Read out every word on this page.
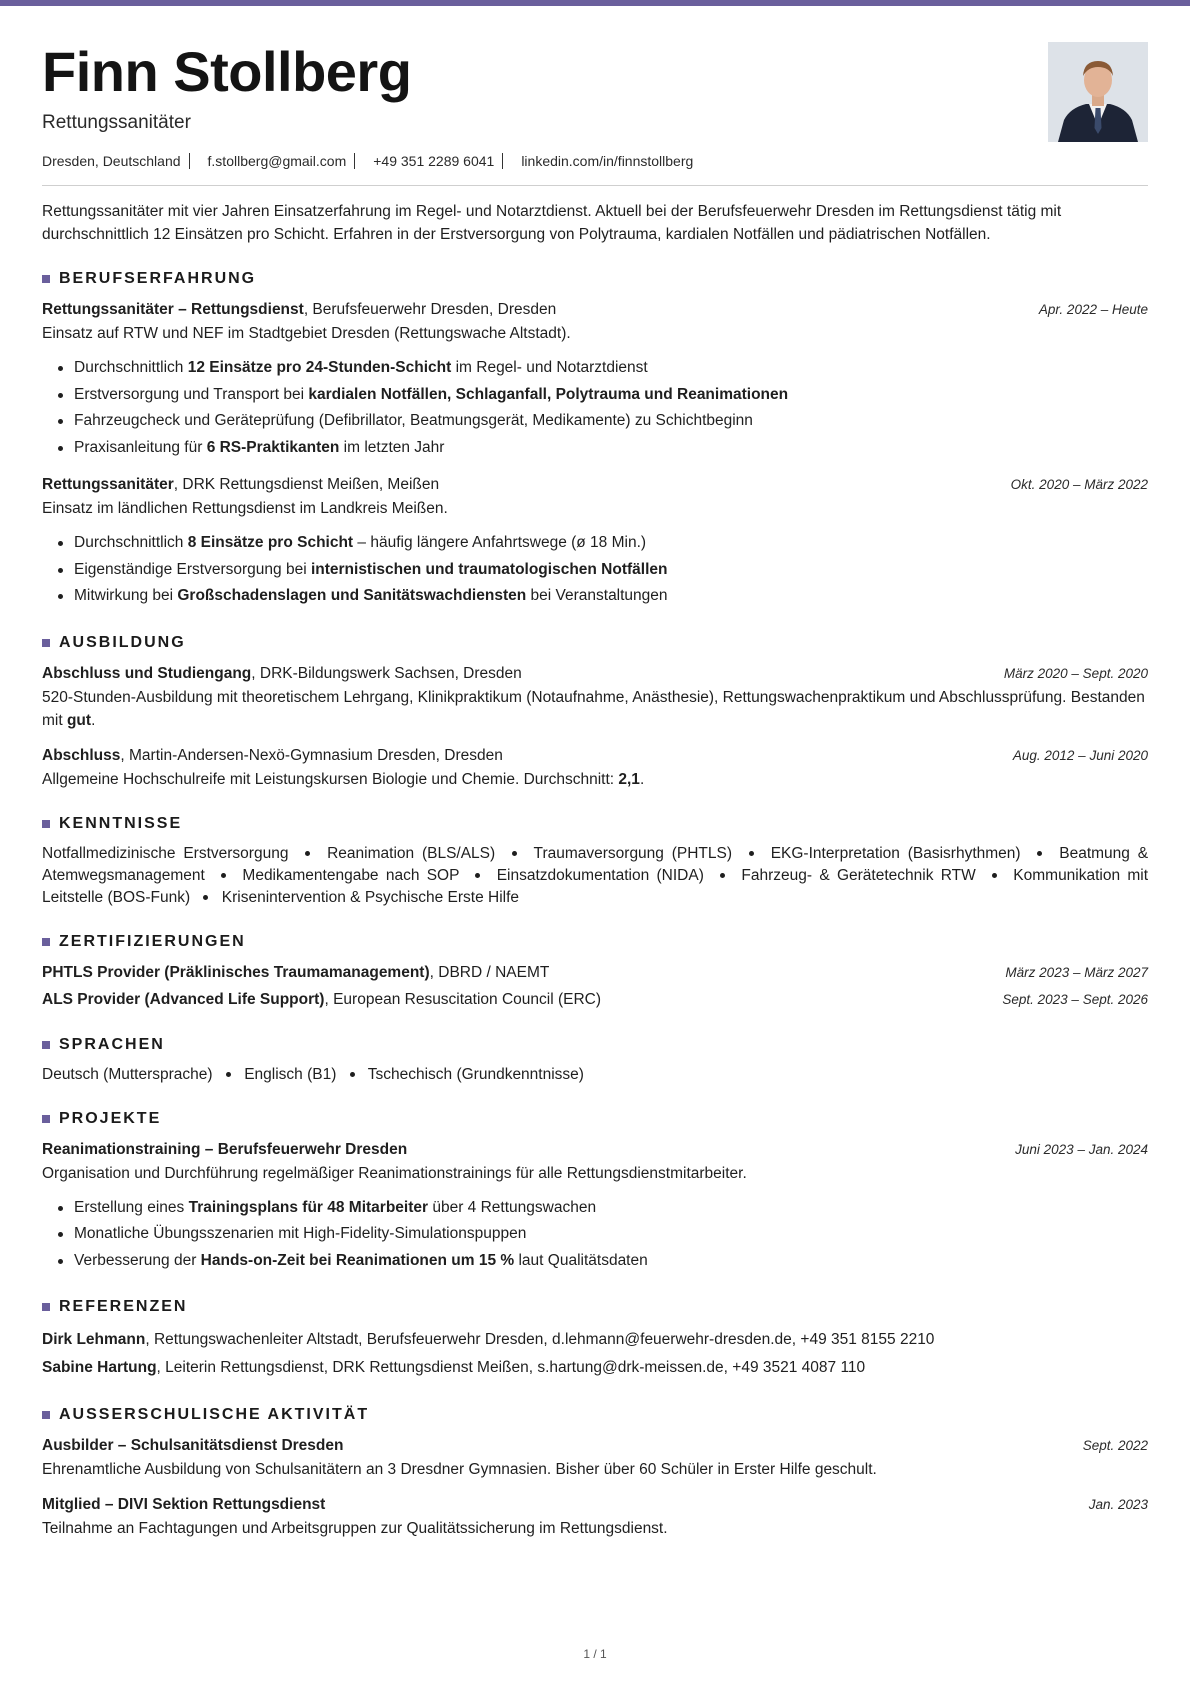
Finn Stollberg
Rettungssanitäter
Dresden, Deutschland f.stollberg@gmail.com +49 351 2289 6041 linkedin.com/in/finnstollberg

Rettungssanitäter mit vier Jahren Einsatzerfahrung im Regel- und Notarztdienst. Aktuell bei der Berufsfeuerwehr Dresden im Rettungsdienst tätig mit durchschnittlich 12 Einsätzen pro Schicht. Erfahren in der Erstversorgung von Polytrauma, kardialen Notfällen und pädiatrischen Notfällen.

BERUFSERFAHRUNG
Rettungssanitäter – Rettungsdienst, Berufsfeuerwehr Dresden, Dresden	Apr. 2022 – Heute
Einsatz auf RTW und NEF im Stadtgebiet Dresden (Rettungswache Altstadt).
Durchschnittlich 12 Einsätze pro 24-Stunden-Schicht im Regel- und Notarztdienst
Erstversorgung und Transport bei kardialen Notfällen, Schlaganfall, Polytrauma und Reanimationen
Fahrzeugcheck und Geräteprüfung (Defibrillator, Beatmungsgerät, Medikamente) zu Schichtbeginn
Praxisanleitung für 6 RS-Praktikanten im letzten Jahr
Rettungssanitäter, DRK Rettungsdienst Meißen, Meißen	Okt. 2020 – März 2022
Einsatz im ländlichen Rettungsdienst im Landkreis Meißen.
Durchschnittlich 8 Einsätze pro Schicht – häufig längere Anfahrtswege (ø 18 Min.)
Eigenständige Erstversorgung bei internistischen und traumatologischen Notfällen
Mitwirkung bei Großschadenslagen und Sanitätswachdiensten bei Veranstaltungen
AUSBILDUNG
Abschluss und Studiengang, DRK-Bildungswerk Sachsen, Dresden	März 2020 – Sept. 2020
520-Stunden-Ausbildung mit theoretischem Lehrgang, Klinikpraktikum (Notaufnahme, Anästhesie), Rettungswachenpraktikum und Abschlussprüfung. Bestanden mit gut.
Abschluss, Martin-Andersen-Nexö-Gymnasium Dresden, Dresden	Aug. 2012 – Juni 2020
Allgemeine Hochschulreife mit Leistungskursen Biologie und Chemie. Durchschnitt: 2,1.
KENNTNISSE
Notfallmedizinische Erstversorgung Reanimation (BLS/ALS) Traumaversorgung (PHTLS) EKG-Interpretation (Basisrhythmen) Beatmung & Atemwegsmanagement Medikamentengabe nach SOP Einsatzdokumentation (NIDA) Fahrzeug- & Gerätetechnik RTW Kommunikation mit Leitstelle (BOS-Funk) Krisenintervention & Psychische Erste Hilfe
ZERTIFIZIERUNGEN
PHTLS Provider (Präklinisches Traumamanagement), DBRD / NAEMT	März 2023 – März 2027
ALS Provider (Advanced Life Support), European Resuscitation Council (ERC)	Sept. 2023 – Sept. 2026
SPRACHEN
Deutsch (Muttersprache) Englisch (B1) Tschechisch (Grundkenntnisse)
PROJEKTE
Reanimationstraining – Berufsfeuerwehr Dresden	Juni 2023 – Jan. 2024
Organisation und Durchführung regelmäßiger Reanimationstrainings für alle Rettungsdienstmitarbeiter.
Erstellung eines Trainingsplans für 48 Mitarbeiter über 4 Rettungswachen
Monatliche Übungsszenarien mit High-Fidelity-Simulationspuppen
Verbesserung der Hands-on-Zeit bei Reanimationen um 15 % laut Qualitätsdaten
REFERENZEN
Dirk Lehmann, Rettungswachenleiter Altstadt, Berufsfeuerwehr Dresden, d.lehmann@feuerwehr-dresden.de, +49 351 8155 2210
Sabine Hartung, Leiterin Rettungsdienst, DRK Rettungsdienst Meißen, s.hartung@drk-meissen.de, +49 3521 4087 110
AUSSERSCHULISCHE AKTIVITÄT
Ausbilder – Schulsanitätsdienst Dresden	Sept. 2022
Ehrenamtliche Ausbildung von Schulsanitätern an 3 Dresdner Gymnasien. Bisher über 60 Schüler in Erster Hilfe geschult.
Mitglied – DIVI Sektion Rettungsdienst	Jan. 2023
Teilnahme an Fachtagungen und Arbeitsgruppen zur Qualitätssicherung im Rettungsdienst.
1 / 1
